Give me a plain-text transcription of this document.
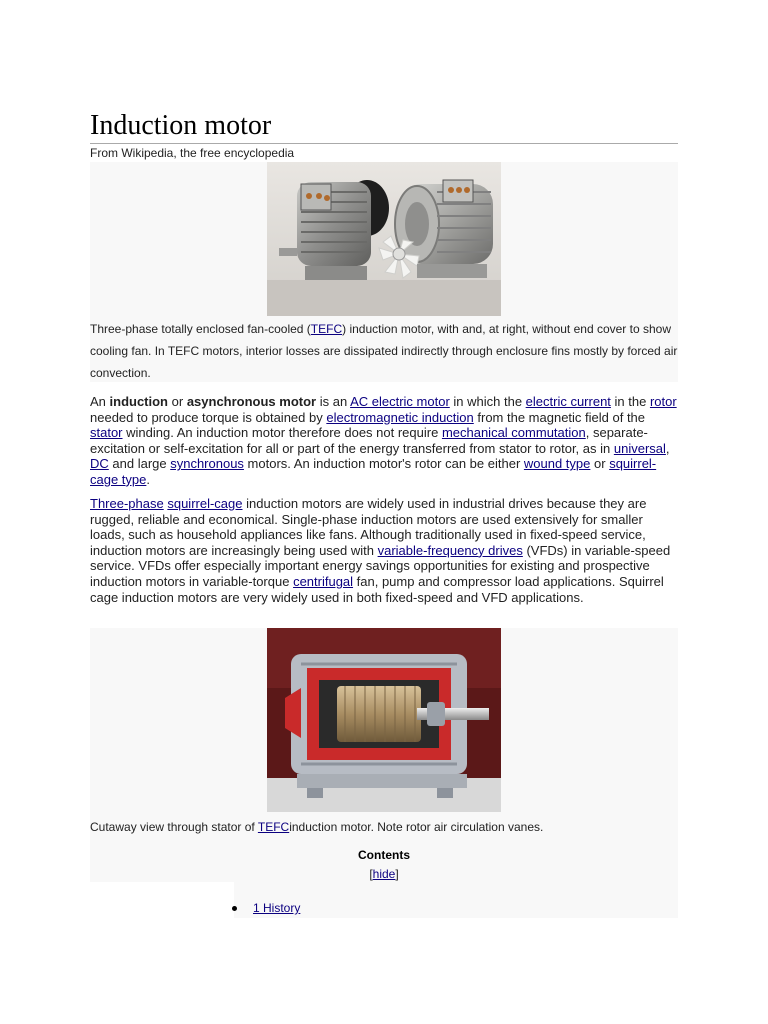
Induction motor
From Wikipedia, the free encyclopedia
Three-phase totally enclosed fan-cooled (TEFC) induction motor, with and, at right, without end cover to show cooling fan. In TEFC motors, interior losses are dissipated indirectly through enclosure fins mostly by forced air convection.

An induction or asynchronous motor is an AC electric motor in which the electric current in the rotor needed to produce torque is obtained by electromagnetic induction from the magnetic field of the stator winding. An induction motor therefore does not require mechanical commutation, separate-excitation or self-excitation for all or part of the energy transferred from stator to rotor, as in universal, DC and large synchronous motors. An induction motor's rotor can be either wound type or squirrel-cage type.

Three-phase squirrel-cage induction motors are widely used in industrial drives because they are rugged, reliable and economical. Single-phase induction motors are used extensively for smaller loads, such as household appliances like fans. Although traditionally used in fixed-speed service, induction motors are increasingly being used with variable-frequency drives (VFDs) in variable-speed service. VFDs offer especially important energy savings opportunities for existing and prospective induction motors in variable-torque centrifugal fan, pump and compressor load applications. Squirrel cage induction motors are very widely used in both fixed-speed and VFD applications.

Cutaway view through stator of TEFCinduction motor. Note rotor air circulation vanes.
Contents
[hide]
1 History
